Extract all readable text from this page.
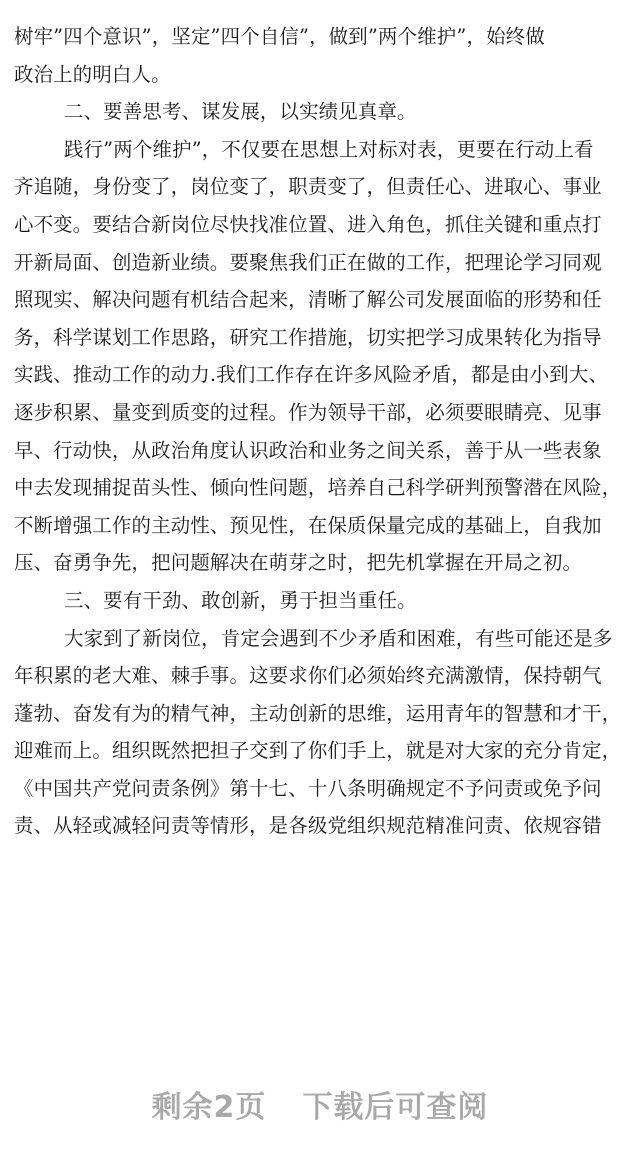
树牢”四个意识”，坚定”四个自信”，做到”两个维护”，始终做
政治上的明白人。
二、要善思考、谋发展，以实绩见真章。
践行”两个维护”，不仅要在思想上对标对表，更要在行动上看
齐追随，身份变了，岗位变了，职责变了，但责任心、进取心、事业
心不变。要结合新岗位尽快找准位置、进入角色，抓住关键和重点打
开新局面、创造新业绩。要聚焦我们正在做的工作，把理论学习同观
照现实、解决问题有机结合起来，清晰了解公司发展面临的形势和任
务，科学谋划工作思路，研究工作措施，切实把学习成果转化为指导
实践、推动工作的动力.我们工作存在许多风险矛盾，都是由小到大、
逐步积累、量变到质变的过程。作为领导干部，必须要眼睛亮、见事
早、行动快，从政治角度认识政治和业务之间关系，善于从一些表象
中去发现捕捉苗头性、倾向性问题，培养自己科学研判预警潜在风险，
不断增强工作的主动性、预见性，在保质保量完成的基础上，自我加
压、奋勇争先，把问题解决在萌芽之时，把先机掌握在开局之初。
三、要有干劲、敢创新，勇于担当重任。
大家到了新岗位，肯定会遇到不少矛盾和困难，有些可能还是多
年积累的老大难、棘手事。这要求你们必须始终充满激情，保持朝气
蓬勃、奋发有为的精气神，主动创新的思维，运用青年的智慧和才干，
迎难而上。组织既然把担子交到了你们手上，就是对大家的充分肯定，
《中国共产党问责条例》第十七、十八条明确规定不予问责或免予问
责、从轻或减轻问责等情形，是各级党组织规范精准问责、依规容错
剩余2页 下载后可查阅
